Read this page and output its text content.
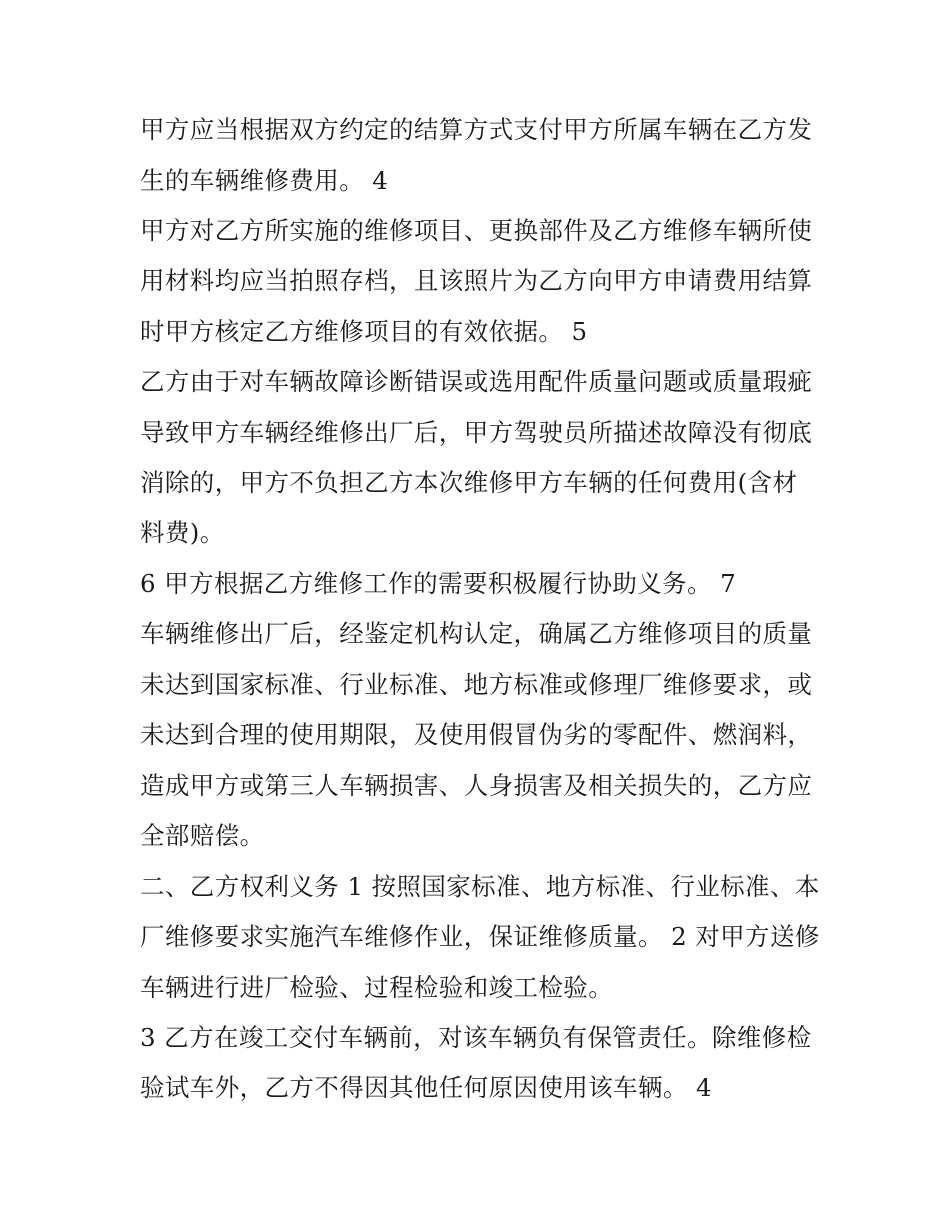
甲方应当根据双方约定的结算方式支付甲方所属车辆在乙方发
生的车辆维修费用。 4
甲方对乙方所实施的维修项目、更换部件及乙方维修车辆所使
用材料均应当拍照存档，且该照片为乙方向甲方申请费用结算
时甲方核定乙方维修项目的有效依据。 5
乙方由于对车辆故障诊断错误或选用配件质量问题或质量瑕疵
导致甲方车辆经维修出厂后，甲方驾驶员所描述故障没有彻底
消除的，甲方不负担乙方本次维修甲方车辆的任何费用(含材
料费)。
6 甲方根据乙方维修工作的需要积极履行协助义务。 7
车辆维修出厂后，经鉴定机构认定，确属乙方维修项目的质量
未达到国家标准、行业标准、地方标准或修理厂维修要求，或
未达到合理的使用期限，及使用假冒伪劣的零配件、燃润料，
造成甲方或第三人车辆损害、人身损害及相关损失的，乙方应
全部赔偿。
二、乙方权利义务 1 按照国家标准、地方标准、行业标准、本
厂维修要求实施汽车维修作业，保证维修质量。 2 对甲方送修
车辆进行进厂检验、过程检验和竣工检验。
3 乙方在竣工交付车辆前，对该车辆负有保管责任。除维修检
验试车外，乙方不得因其他任何原因使用该车辆。 4
